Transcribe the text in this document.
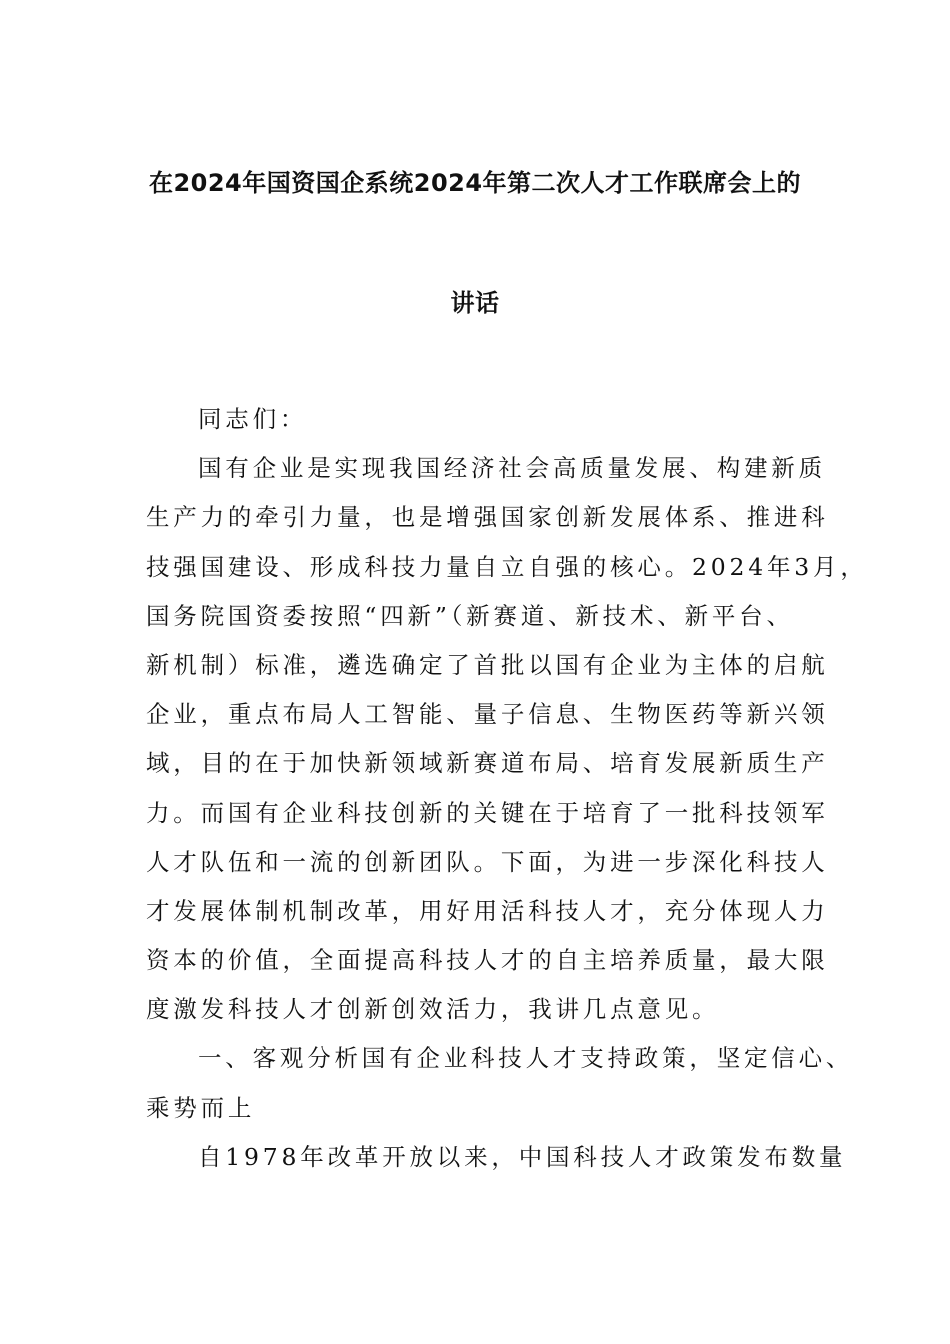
在2024年国资国企系统2024年第二次人才工作联席会上的
讲话
同志们：
国有企业是实现我国经济社会高质量发展、构建新质
生产力的牵引力量，也是增强国家创新发展体系、推进科
技强国建设、形成科技力量自立自强的核心。2024年3月，
国务院国资委按照“四新”（新赛道、新技术、新平台、
新机制）标准，遴选确定了首批以国有企业为主体的启航
企业，重点布局人工智能、量子信息、生物医药等新兴领
域，目的在于加快新领域新赛道布局、培育发展新质生产
力。而国有企业科技创新的关键在于培育了一批科技领军
人才队伍和一流的创新团队。下面，为进一步深化科技人
才发展体制机制改革，用好用活科技人才，充分体现人力
资本的价值，全面提高科技人才的自主培养质量，最大限
度激发科技人才创新创效活力，我讲几点意见。
一、客观分析国有企业科技人才支持政策，坚定信心、
乘势而上
自1978年改革开放以来，中国科技人才政策发布数量
